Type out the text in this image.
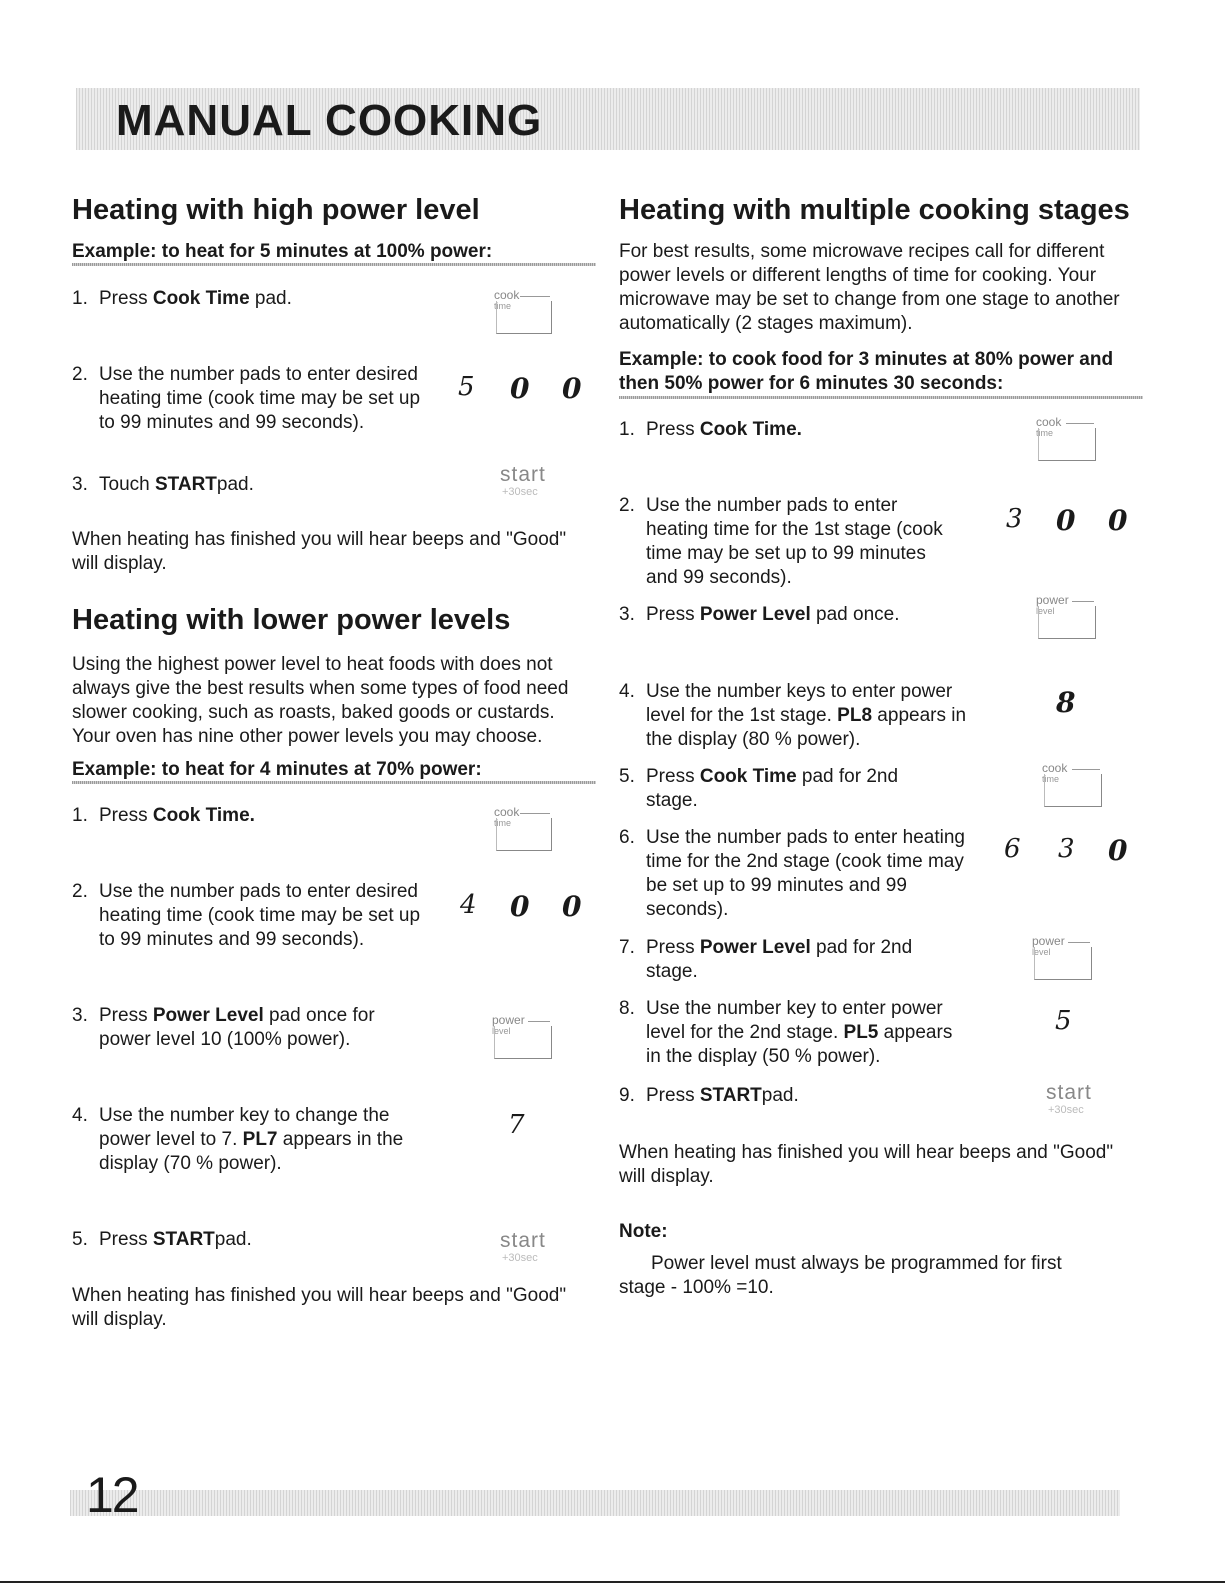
MANUAL COOKING
Heating with high power level
Example: to heat for 5 minutes at 100% power:
1. Press Cook Time pad.	cook
time
2. Use the number pads to enter desired heating time (cook time may be set up to 99 minutes and 99 seconds).
5 0 0
3. Touch STARTpad.	start
+30sec
When heating has finished you will hear beeps and "Good" will display.
Heating with lower power levels
Using the highest power level to heat foods with does not always give the best results when some types of food need slower cooking, such as roasts, baked goods or custards. Your oven has nine other power levels you may choose.
Example: to heat for 4 minutes at 70% power:
1. Press Cook Time.	cook
time
2. Use the number pads to enter desired heating time (cook time may be set up to 99 minutes and 99 seconds).
4 0 0
3. Press Power Level pad once for power level 10 (100% power).
power
level
4. Use the number key to change the power level to 7. PL7 appears in the display (70 % power).
7
5. Press STARTpad.	start
+30sec
When heating has finished you will hear beeps and "Good" will display.
Heating with multiple cooking stages
For best results, some microwave recipes call for different power levels or different lengths of time for cooking. Your microwave may be set to change from one stage to another automatically (2 stages maximum).
Example: to cook food for 3 minutes at 80% power and then 50% power for 6 minutes 30 seconds:
1. Press Cook Time.	cook
time
2. Use the number pads to enter heating time for the 1st stage (cook time may be set up to 99 minutes and 99 seconds).
3 0 0
3. Press Power Level pad once.
power
level
4. Use the number keys to enter power level for the 1st stage. PL8 appears in the display (80 % power).
8
5. Press Cook Time pad for 2nd stage.
cook
time
6. Use the number pads to enter heating time for the 2nd stage (cook time may be set up to 99 minutes and 99 seconds).
6 3 0
7. Press Power Level pad for 2nd stage.
power
level
8. Use the number key to enter power level for the 2nd stage. PL5 appears in the display (50 % power).
5
9. Press STARTpad.	start
+30sec
When heating has finished you will hear beeps and "Good" will display.
Note:
Power level must always be programmed for first stage - 100% =10.
12
